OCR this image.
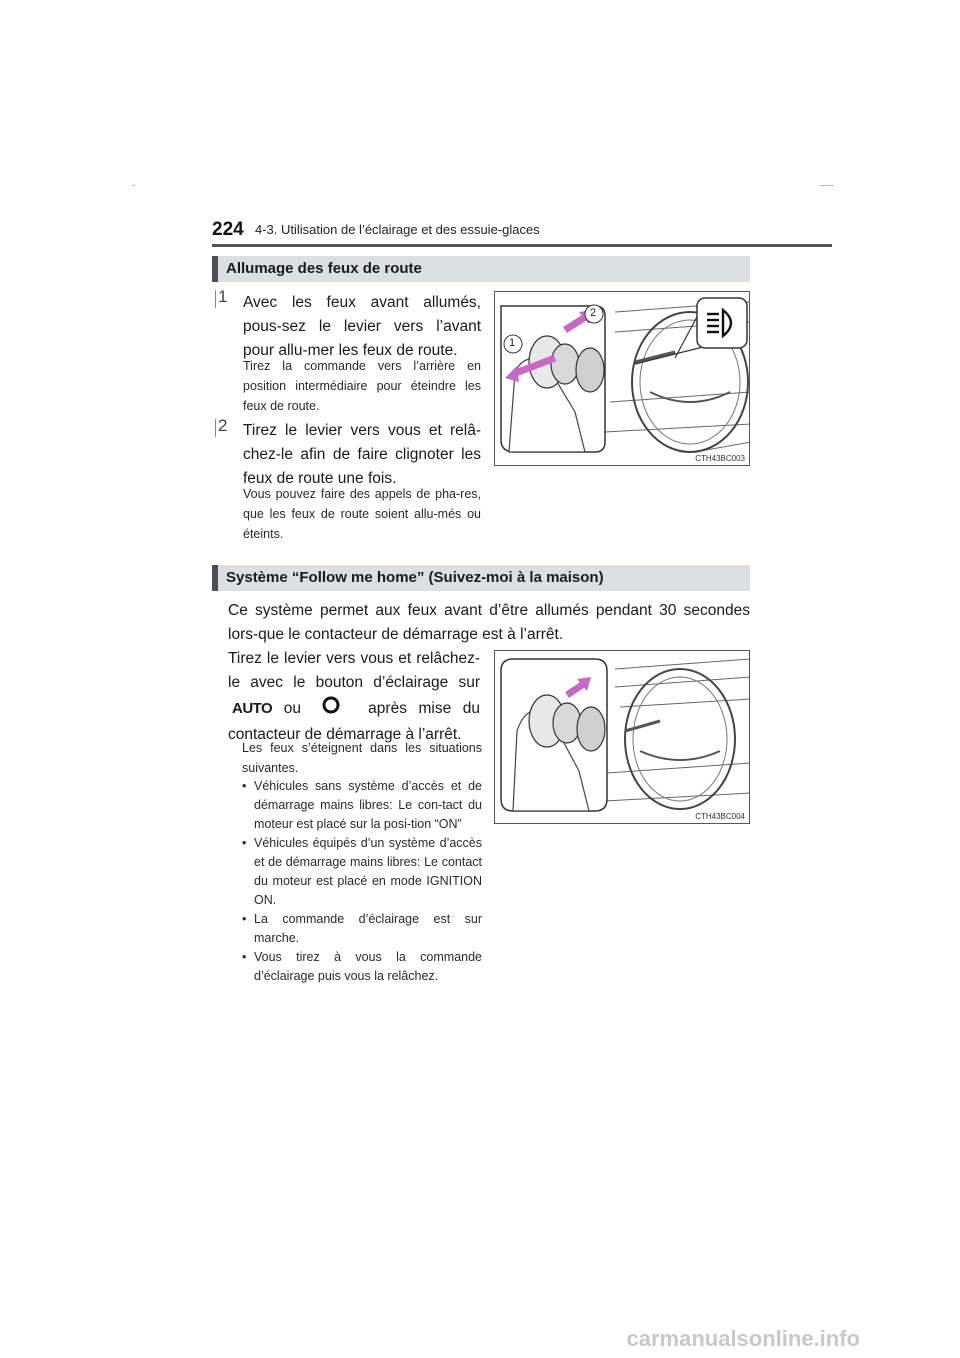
224 4-3. Utilisation de l’éclairage et des essuie-glaces
Allumage des feux de route
1	Avec les feux avant allumés, pous-sez le levier vers l’avant pour allu-mer les feux de route.
Tirez la commande vers l’arrière en position intermédiaire pour éteindre les feux de route.
2	Tirez le levier vers vous et relâ-chez-le afin de faire clignoter les feux de route une fois.
Vous pouvez faire des appels de pha-res, que les feux de route soient allu-més ou éteints.
2
1
CTH43BC003
Système “Follow me home” (Suivez-moi à la maison)
Ce système permet aux feux avant d’être allumés pendant 30 secondes lors-que le contacteur de démarrage est à l’arrêt.
Tirez le levier vers vous et relâchez-le avec le bouton d’éclairage sur AUTO ou	après mise du contacteur de démarrage à l’arrêt.
Les feux s’éteignent dans les situations suivantes.
• Véhicules sans système d’accès et de démarrage mains libres: Le con-tact du moteur est placé sur la posi-tion “ON”
• Véhicules équipés d’un système d’accès et de démarrage mains libres: Le contact du moteur est placé en mode IGNITION ON.
• La commande d’éclairage est sur marche.
• Vous tirez à vous la commande d’éclairage puis vous la relâchez.
CTH43BC004
carmanualsonline.info
